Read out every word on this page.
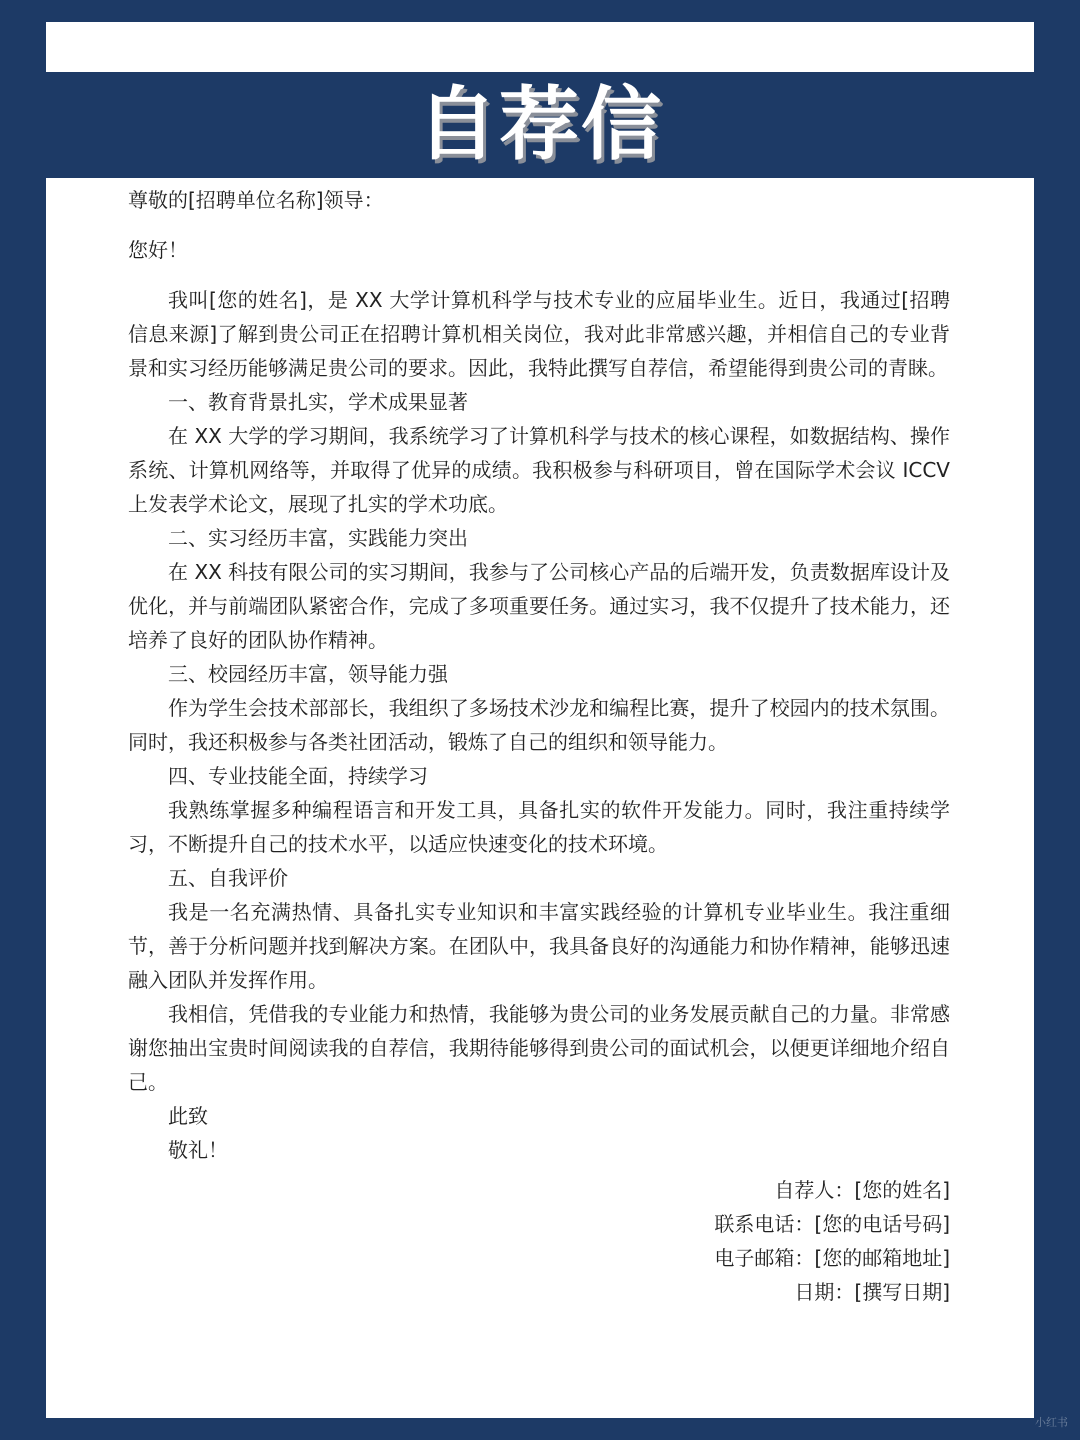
自荐信

尊敬的[招聘单位名称]领导：

您好！

我叫[您的姓名]，是 XX 大学计算机科学与技术专业的应届毕业生。近日，我通过[招聘信息来源]了解到贵公司正在招聘计算机相关岗位，我对此非常感兴趣，并相信自己的专业背景和实习经历能够满足贵公司的要求。因此，我特此撰写自荐信，希望能得到贵公司的青睐。

一、教育背景扎实，学术成果显著

在 XX 大学的学习期间，我系统学习了计算机科学与技术的核心课程，如数据结构、操作系统、计算机网络等，并取得了优异的成绩。我积极参与科研项目，曾在国际学术会议 ICCV 上发表学术论文，展现了扎实的学术功底。

二、实习经历丰富，实践能力突出

在 XX 科技有限公司的实习期间，我参与了公司核心产品的后端开发，负责数据库设计及优化，并与前端团队紧密合作，完成了多项重要任务。通过实习，我不仅提升了技术能力，还培养了良好的团队协作精神。

三、校园经历丰富，领导能力强

作为学生会技术部部长，我组织了多场技术沙龙和编程比赛，提升了校园内的技术氛围。同时，我还积极参与各类社团活动，锻炼了自己的组织和领导能力。

四、专业技能全面，持续学习

我熟练掌握多种编程语言和开发工具，具备扎实的软件开发能力。同时，我注重持续学习，不断提升自己的技术水平，以适应快速变化的技术环境。

五、自我评价

我是一名充满热情、具备扎实专业知识和丰富实践经验的计算机专业毕业生。我注重细节，善于分析问题并找到解决方案。在团队中，我具备良好的沟通能力和协作精神，能够迅速融入团队并发挥作用。

我相信，凭借我的专业能力和热情，我能够为贵公司的业务发展贡献自己的力量。非常感谢您抽出宝贵时间阅读我的自荐信，我期待能够得到贵公司的面试机会，以便更详细地介绍自己。

此致

敬礼！

自荐人：[您的姓名]
联系电话：[您的电话号码]
电子邮箱：[您的邮箱地址]
日期：[撰写日期]
小红书
